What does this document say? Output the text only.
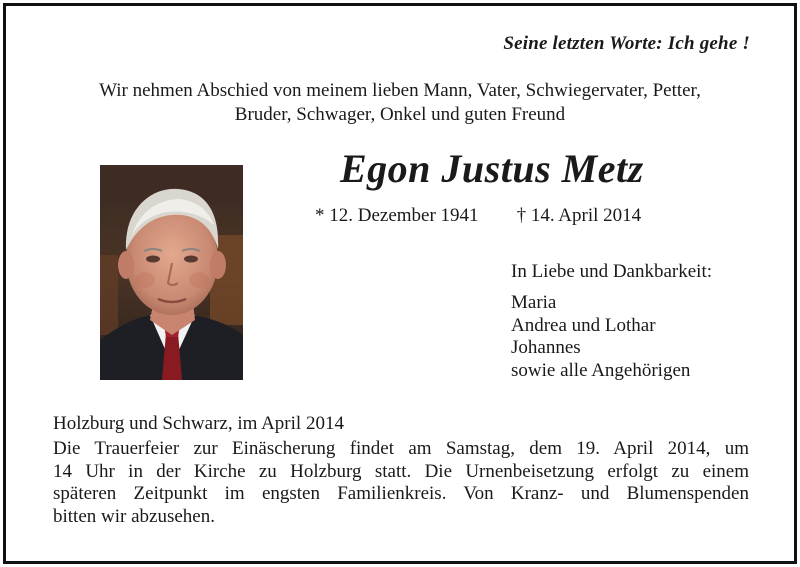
Seine letzten Worte: Ich gehe !
Wir nehmen Abschied von meinem lieben Mann, Vater, Schwiegervater, Petter,
Bruder, Schwager, Onkel und guten Freund
Egon Justus Metz
* 12. Dezember 1941 † 14. April 2014
In Liebe und Dankbarkeit:
Maria
Andrea und Lothar
Johannes
sowie alle Angehörigen
Holzburg und Schwarz, im April 2014
Die Trauerfeier zur Einäscherung findet am Samstag, dem 19. April 2014, um
14 Uhr in der Kirche zu Holzburg statt. Die Urnenbeisetzung erfolgt zu einem
späteren Zeitpunkt im engsten Familienkreis. Von Kranz- und Blumenspenden
bitten wir abzusehen.
